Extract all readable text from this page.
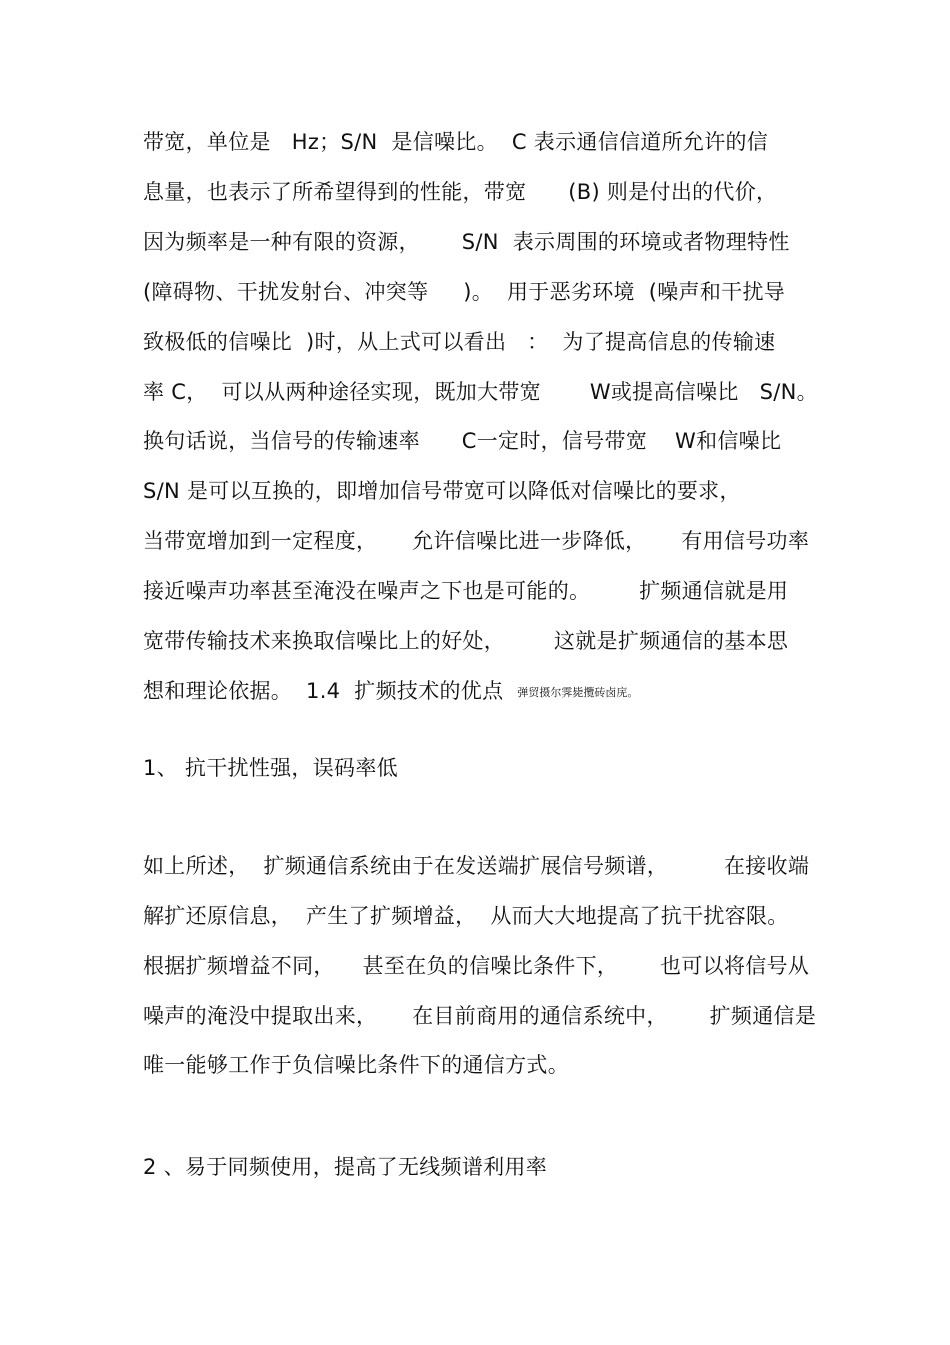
带宽，单位是   Hz；S/N  是信噪比。  C 表示通信信道所允许的信
息量，也表示了所希望得到的性能，带宽      (B) 则是付出的代价，
因为频率是一种有限的资源，      S/N  表示周围的环境或者物理特性
(障碍物、干扰发射台、冲突等     )。  用于恶劣环境  (噪声和干扰导
致极低的信噪比  )时，从上式可以看出   ：  为了提高信息的传输速
率 C，  可以从两种途径实现，既加大带宽       W或提高信噪比   S/N。
换句话说，当信号的传输速率      C一定时，信号带宽    W和信噪比
S/N 是可以互换的，即增加信号带宽可以降低对信噪比的要求，
当带宽增加到一定程度，     允许信噪比进一步降低，     有用信号功率
接近噪声功率甚至淹没在噪声之下也是可能的。       扩频通信就是用
宽带传输技术来换取信噪比上的好处，       这就是扩频通信的基本思
想和理论依据。  1.4  扩频技术的优点  弹贸摄尔霁毙攬砖卤庑。
1、 抗干扰性强，误码率低
如上所述，  扩频通信系统由于在发送端扩展信号频谱，        在接收端
解扩还原信息，  产生了扩频增益，  从而大大地提高了抗干扰容限。
根据扩频增益不同，    甚至在负的信噪比条件下，      也可以将信号从
噪声的淹没中提取出来，     在目前商用的通信系统中，      扩频通信是
唯一能够工作于负信噪比条件下的通信方式。
2 、易于同频使用，提高了无线频谱利用率
